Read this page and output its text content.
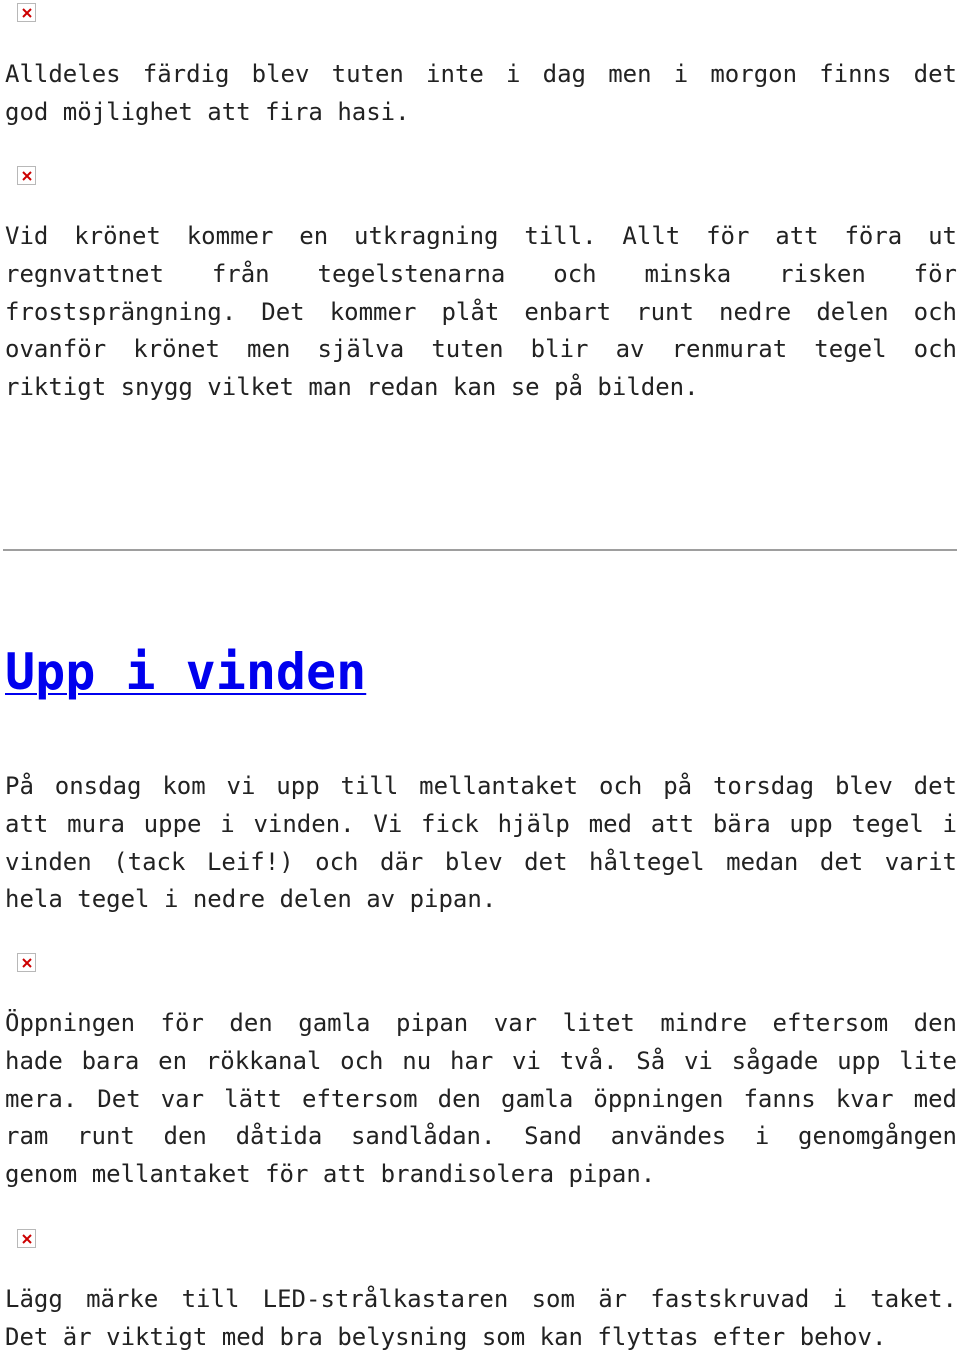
Alldeles färdig blev tuten inte i dag men i morgon finns det
god möjlighet att fira hasi.
Vid krönet kommer en utkragning till. Allt för att föra ut
regnvattnet från tegelstenarna och minska risken för
frostsprängning. Det kommer plåt enbart runt nedre delen och
ovanför krönet men själva tuten blir av renmurat tegel och
riktigt snygg vilket man redan kan se på bilden.
Upp i vinden
På onsdag kom vi upp till mellantaket och på torsdag blev det
att mura uppe i vinden. Vi fick hjälp med att bära upp tegel i
vinden (tack Leif!) och där blev det håltegel medan det varit
hela tegel i nedre delen av pipan.
Öppningen för den gamla pipan var litet mindre eftersom den
hade bara en rökkanal och nu har vi två. Så vi sågade upp lite
mera. Det var lätt eftersom den gamla öppningen fanns kvar med
ram runt den dåtida sandlådan. Sand användes i genomgången
genom mellantaket för att brandisolera pipan.
Lägg märke till LED-strålkastaren som är fastskruvad i taket.
Det är viktigt med bra belysning som kan flyttas efter behov.
